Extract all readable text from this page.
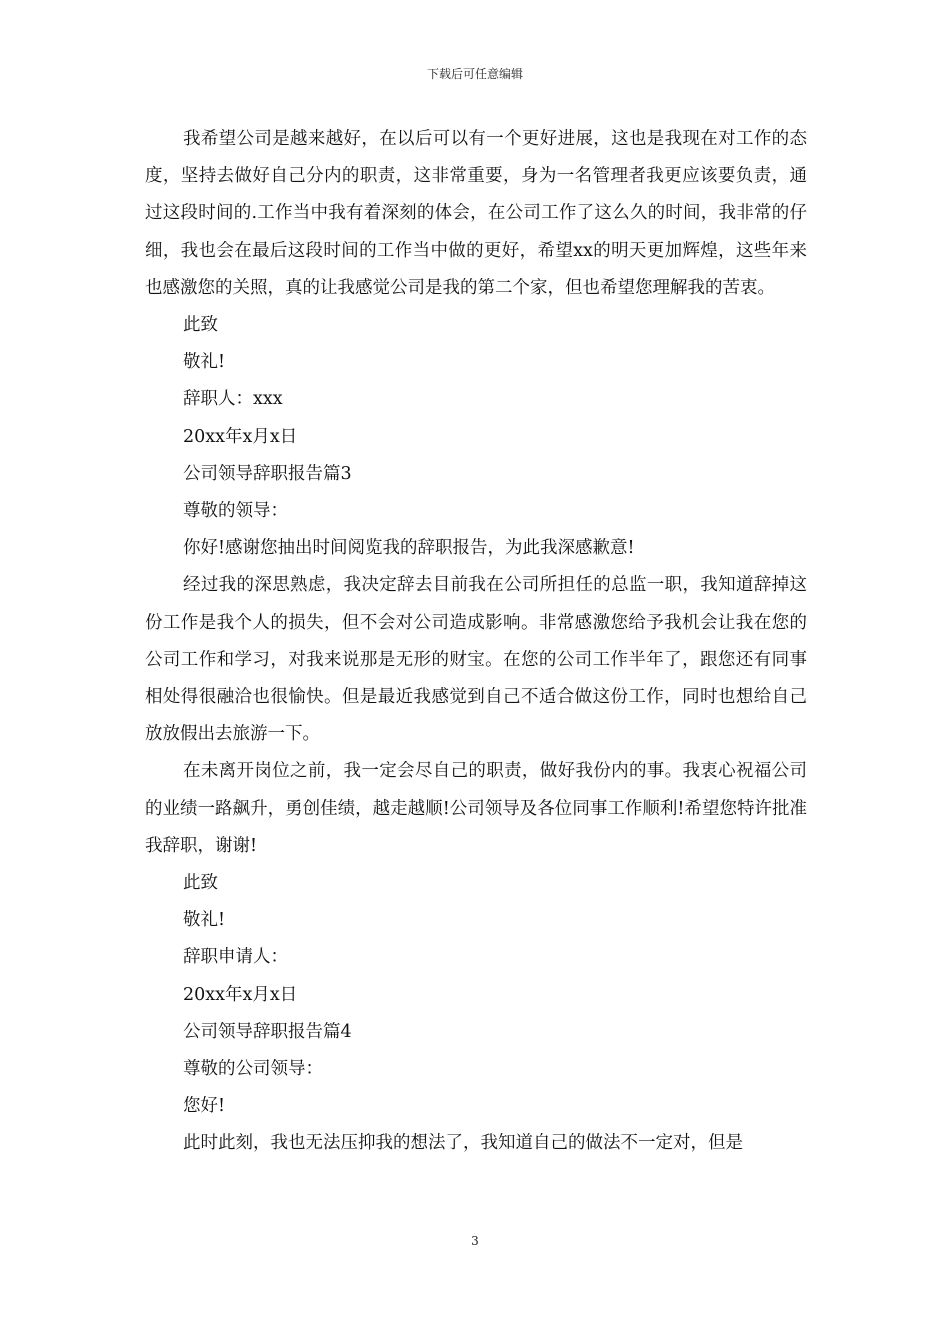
下载后可任意编辑

我希望公司是越来越好，在以后可以有一个更好进展，这也是我现在对工作的态度，坚持去做好自己分内的职责，这非常重要，身为一名管理者我更应该要负责，通过这段时间的.工作当中我有着深刻的体会，在公司工作了这么久的时间，我非常的仔细，我也会在最后这段时间的工作当中做的更好，希望xx的明天更加辉煌，这些年来也感激您的关照，真的让我感觉公司是我的第二个家，但也希望您理解我的苦衷。

此致

敬礼!

辞职人：xxx

20xx年x月x日

公司领导辞职报告篇3

尊敬的领导：

你好!感谢您抽出时间阅览我的辞职报告，为此我深感歉意!

经过我的深思熟虑，我决定辞去目前我在公司所担任的总监一职，我知道辞掉这份工作是我个人的损失，但不会对公司造成影响。非常感激您给予我机会让我在您的公司工作和学习，对我来说那是无形的财宝。在您的公司工作半年了，跟您还有同事相处得很融洽也很愉快。但是最近我感觉到自己不适合做这份工作，同时也想给自己放放假出去旅游一下。

在未离开岗位之前，我一定会尽自己的职责，做好我份内的事。我衷心祝福公司的业绩一路飙升，勇创佳绩，越走越顺!公司领导及各位同事工作顺利!希望您特许批准我辞职，谢谢!

此致

敬礼!

辞职申请人：

20xx年x月x日

公司领导辞职报告篇4

尊敬的公司领导：

您好!

此时此刻，我也无法压抑我的想法了，我知道自己的做法不一定对，但是

3
